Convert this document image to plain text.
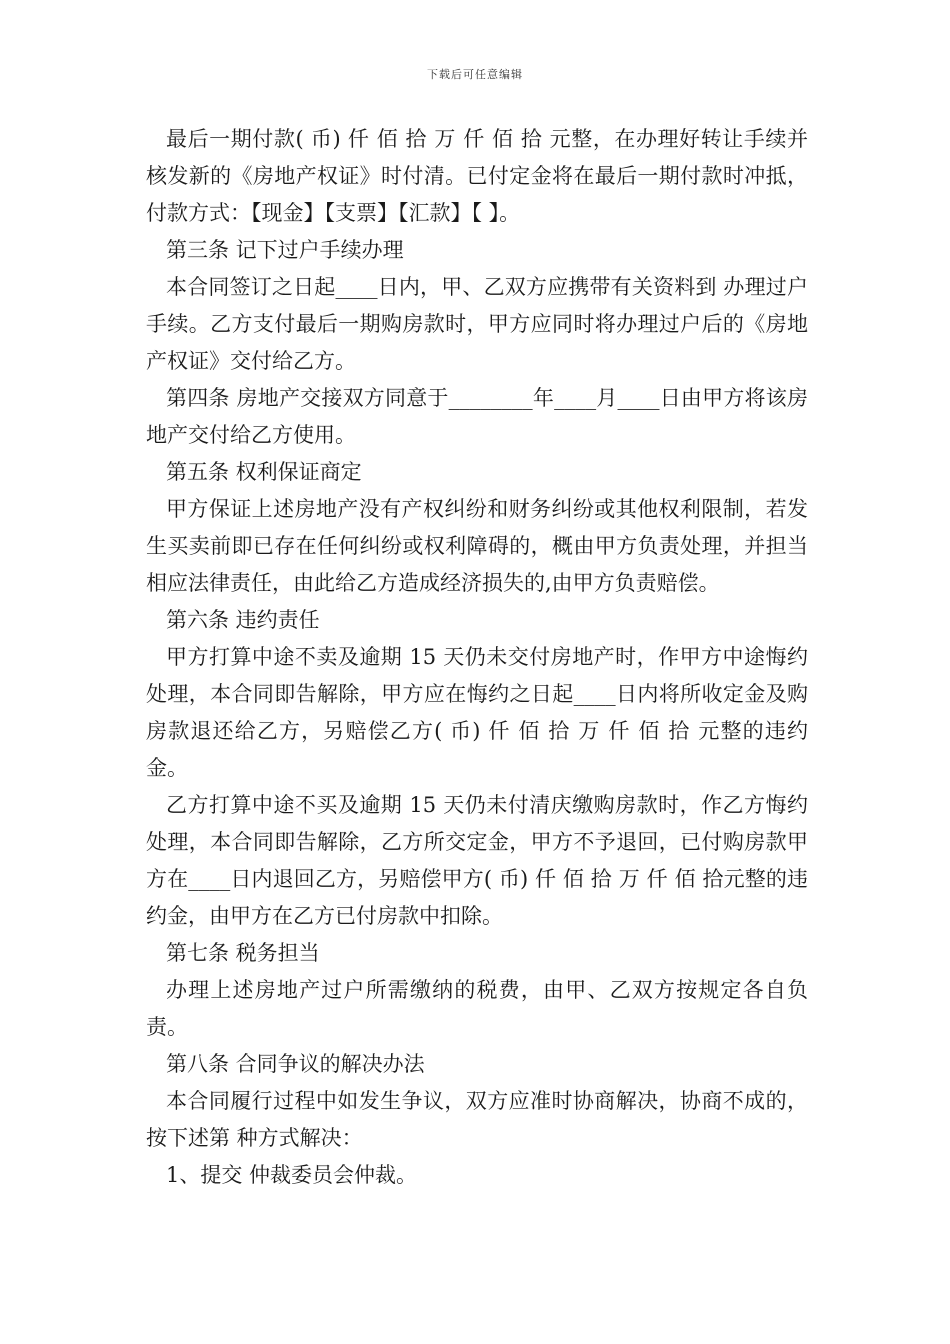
下载后可任意编辑

最后一期付款( 币) 仟 佰 拾 万 仟 佰 拾 元整，在办理好转让手续并核发新的《房地产权证》时付清。已付定金将在最后一期付款时冲抵，付款方式：【现金】【支票】【汇款】【 】。

第三条 记下过户手续办理

本合同签订之日起____日内，甲、乙双方应携带有关资料到 办理过户手续。乙方支付最后一期购房款时，甲方应同时将办理过户后的《房地产权证》交付给乙方。

第四条 房地产交接双方同意于________年____月____日由甲方将该房地产交付给乙方使用。

第五条 权利保证商定

甲方保证上述房地产没有产权纠纷和财务纠纷或其他权利限制，若发生买卖前即已存在任何纠纷或权利障碍的，概由甲方负责处理，并担当相应法律责任，由此给乙方造成经济损失的,由甲方负责赔偿。

第六条 违约责任

甲方打算中途不卖及逾期 15 天仍未交付房地产时，作甲方中途悔约处理，本合同即告解除，甲方应在悔约之日起____日内将所收定金及购房款退还给乙方，另赔偿乙方( 币) 仟 佰 拾 万 仟 佰 拾 元整的违约金。

乙方打算中途不买及逾期 15 天仍未付清庆缴购房款时，作乙方悔约处理，本合同即告解除，乙方所交定金，甲方不予退回，已付购房款甲方在____日内退回乙方，另赔偿甲方( 币) 仟 佰 拾 万 仟 佰 拾元整的违约金，由甲方在乙方已付房款中扣除。

第七条 税务担当

办理上述房地产过户所需缴纳的税费，由甲、乙双方按规定各自负责。

第八条 合同争议的解决办法

本合同履行过程中如发生争议，双方应准时协商解决，协商不成的，按下述第 种方式解决：

1、提交 仲裁委员会仲裁。
